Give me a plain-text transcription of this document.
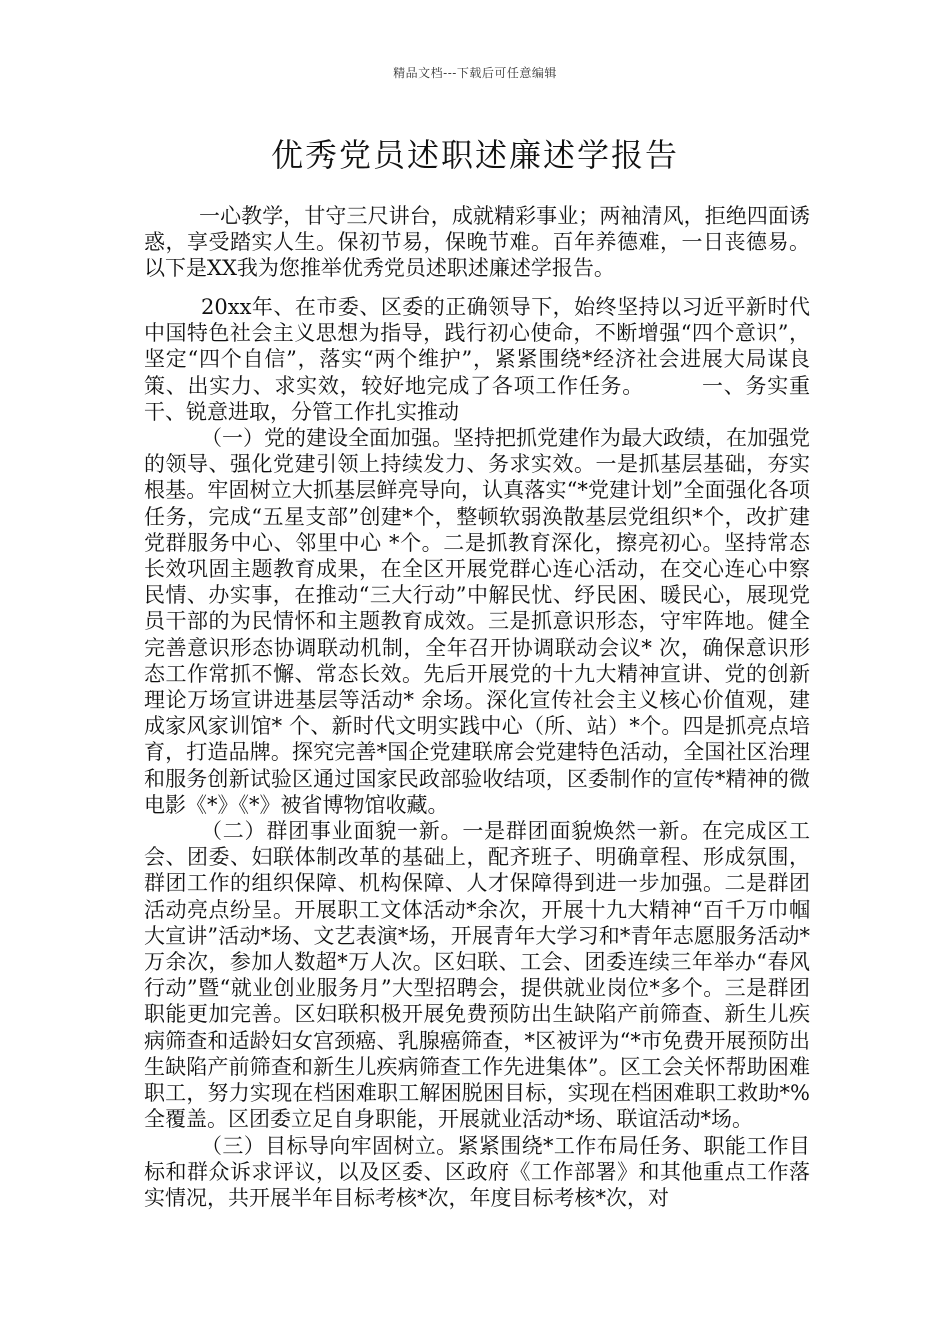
精品文档---下载后可任意编辑
优秀党员述职述廉述学报告

一心教学，甘守三尺讲台，成就精彩事业；两袖清风，拒绝四面诱惑，享受踏实人生。保初节易，保晚节难。百年养德难，一日丧德易。以下是XX我为您推举优秀党员述职述廉述学报告。

20xx年、在市委、区委的正确领导下，始终坚持以习近平新时代中国特色社会主义思想为指导，践行初心使命，不断增强“四个意识”，坚定“四个自信”，落实“两个维护”，紧紧围绕*经济社会进展大局谋良策、出实力、求实效，较好地完成了各项工作任务。	一、务实重干、锐意进取，分管工作扎实推动

（一）党的建设全面加强。坚持把抓党建作为最大政绩，在加强党的领导、强化党建引领上持续发力、务求实效。一是抓基层基础，夯实根基。牢固树立大抓基层鲜亮导向，认真落实“*党建计划”全面强化各项任务，完成“五星支部”创建*个，整顿软弱涣散基层党组织*个，改扩建党群服务中心、邻里中心 *个。二是抓教育深化，擦亮初心。坚持常态长效巩固主题教育成果，在全区开展党群心连心活动，在交心连心中察民情、办实事，在推动“三大行动”中解民忧、纾民困、暖民心，展现党员干部的为民情怀和主题教育成效。三是抓意识形态，守牢阵地。健全完善意识形态协调联动机制，全年召开协调联动会议* 次，确保意识形态工作常抓不懈、常态长效。先后开展党的十九大精神宣讲、党的创新理论万场宣讲进基层等活动* 余场。深化宣传社会主义核心价值观，建成家风家训馆* 个、新时代文明实践中心（所、站）*个。四是抓亮点培育，打造品牌。探究完善*国企党建联席会党建特色活动，全国社区治理和服务创新试验区通过国家民政部验收结项，区委制作的宣传*精神的微电影《*》《*》被省博物馆收藏。

（二）群团事业面貌一新。一是群团面貌焕然一新。在完成区工会、团委、妇联体制改革的基础上，配齐班子、明确章程、形成氛围，群团工作的组织保障、机构保障、人才保障得到进一步加强。二是群团活动亮点纷呈。开展职工文体活动*余次，开展十九大精神“百千万巾帼大宣讲”活动*场、文艺表演*场，开展青年大学习和*青年志愿服务活动*万余次，参加人数超*万人次。区妇联、工会、团委连续三年举办“春风行动”暨“就业创业服务月”大型招聘会，提供就业岗位*多个。三是群团职能更加完善。区妇联积极开展免费预防出生缺陷产前筛查、新生儿疾病筛查和适龄妇女宫颈癌、乳腺癌筛查，*区被评为“*市免费开展预防出生缺陷产前筛查和新生儿疾病筛查工作先进集体”。区工会关怀帮助困难职工，努力实现在档困难职工解困脱困目标，实现在档困难职工救助*%全覆盖。区团委立足自身职能，开展就业活动*场、联谊活动*场。

（三）目标导向牢固树立。紧紧围绕*工作布局任务、职能工作目标和群众诉求评议，以及区委、区政府《工作部署》和其他重点工作落实情况，共开展半年目标考核*次，年度目标考核*次，对
